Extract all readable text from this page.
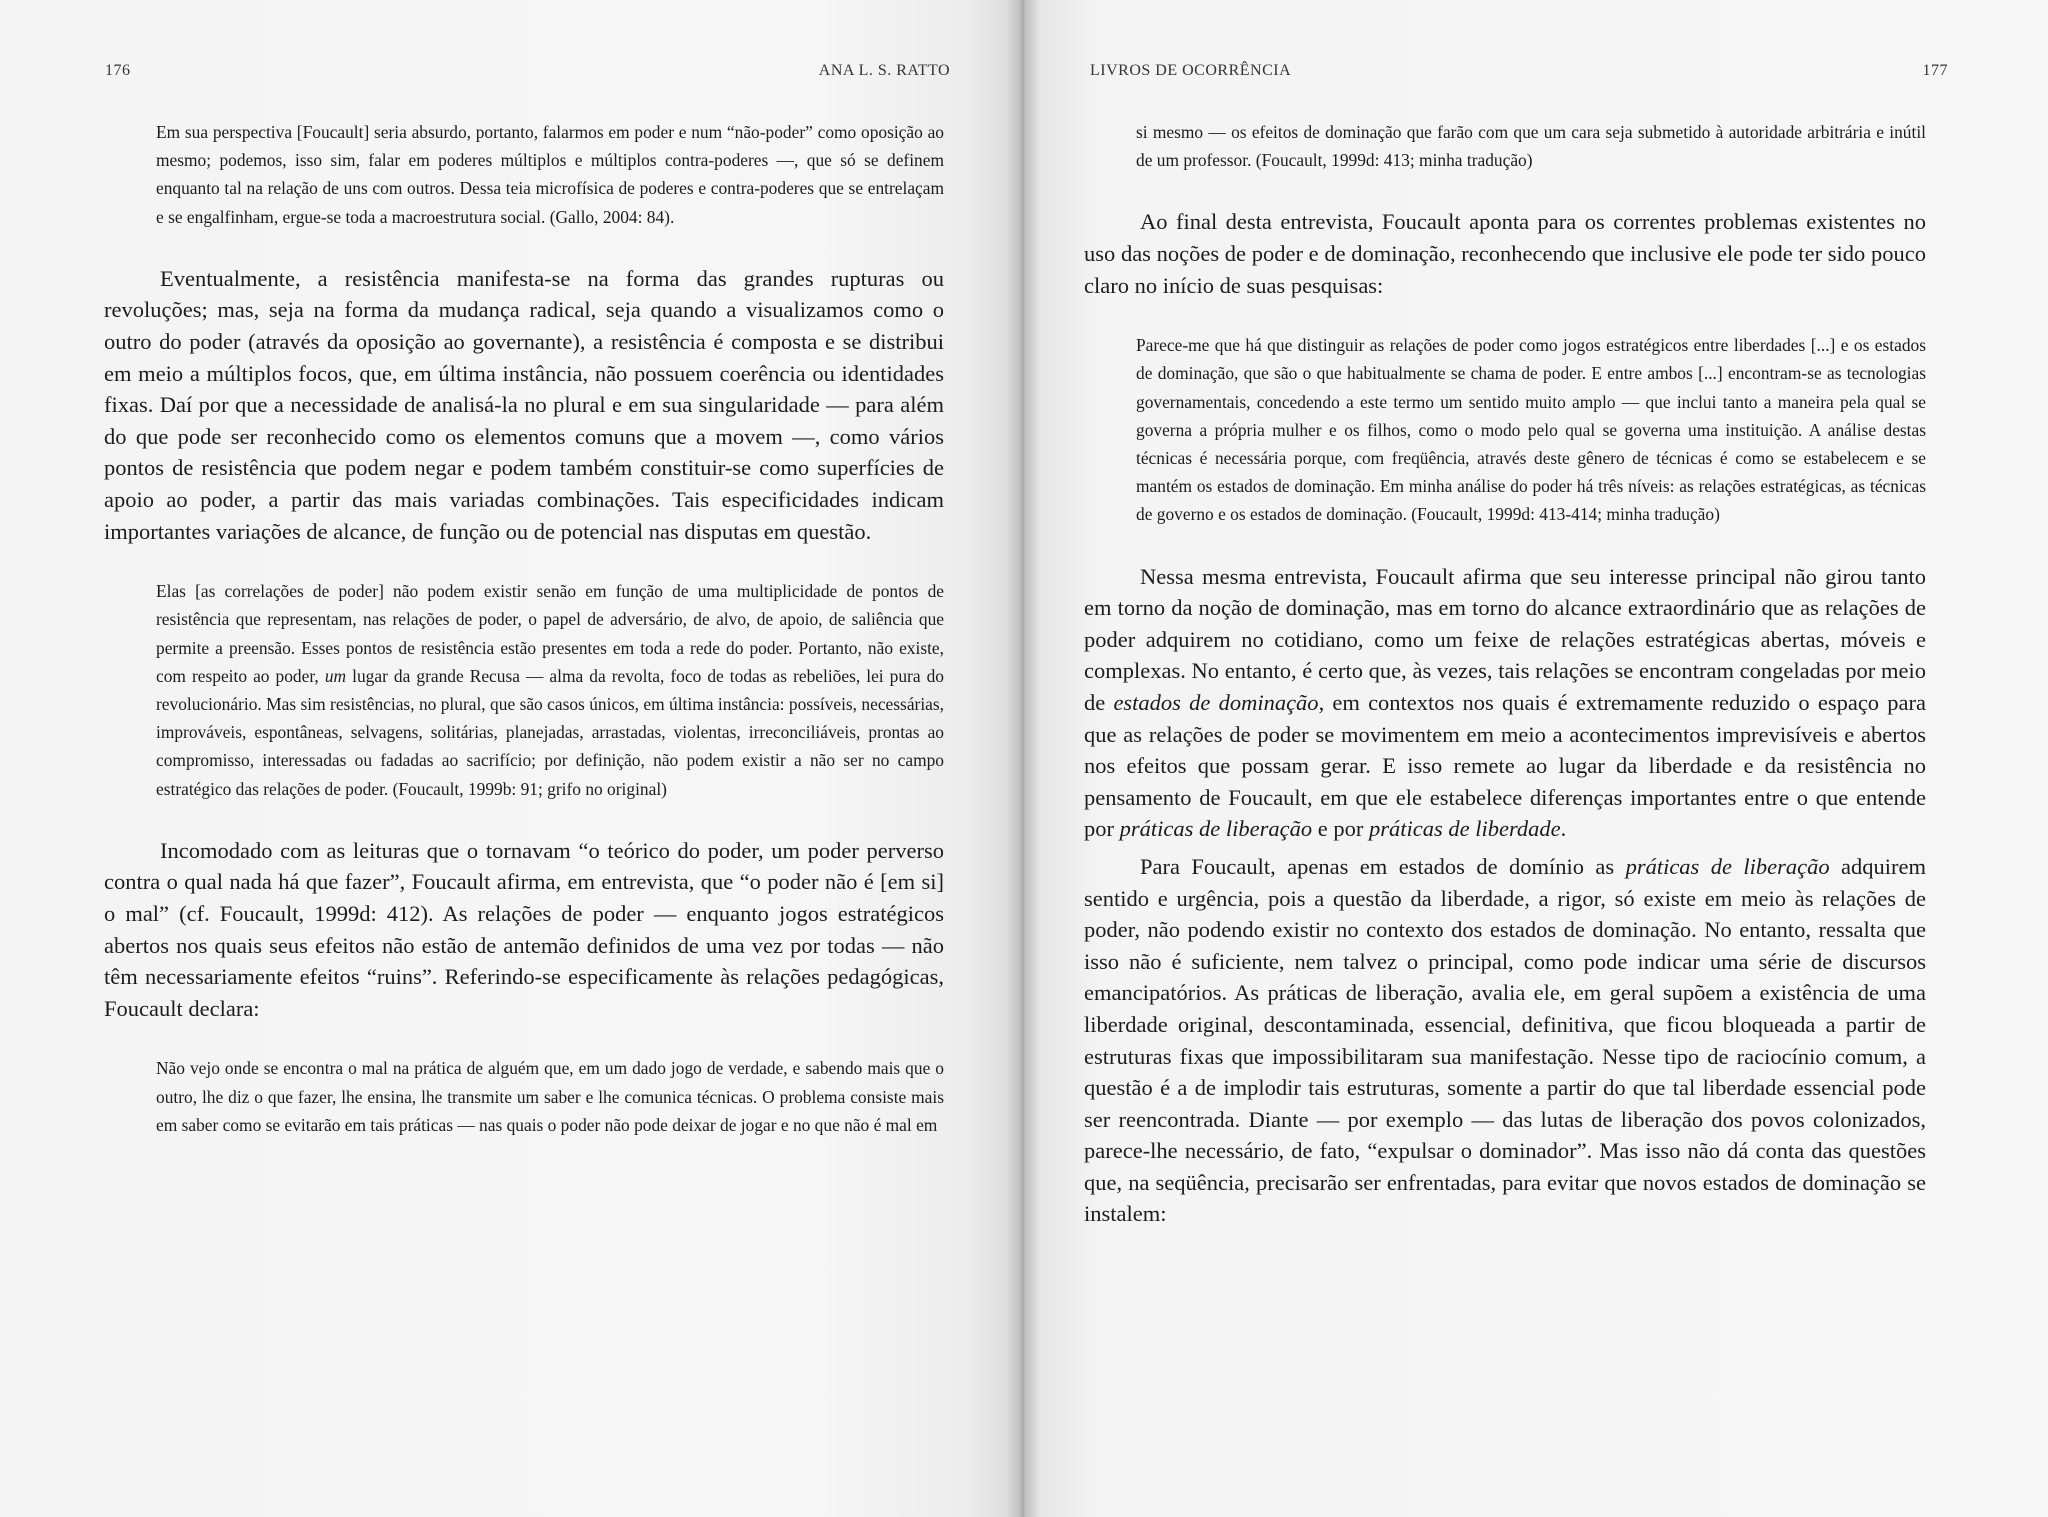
176	ANA L. S. RATTO

Em sua perspectiva [Foucault] seria absurdo, portanto, falarmos em poder e num “não-poder” como oposição ao mesmo; podemos, isso sim, falar em poderes múltiplos e múltiplos contra-poderes —, que só se definem enquanto tal na relação de uns com outros. Dessa teia microfísica de poderes e contra-poderes que se entrelaçam e se engalfinham, ergue-se toda a macroestrutura social. (Gallo, 2004: 84).

Eventualmente, a resistência manifesta-se na forma das grandes rupturas ou revoluções; mas, seja na forma da mudança radical, seja quando a visualizamos como o outro do poder (através da oposição ao governante), a resistência é composta e se distribui em meio a múltiplos focos, que, em última instância, não possuem coerência ou identidades fixas. Daí por que a necessidade de analisá-la no plural e em sua singularidade — para além do que pode ser reconhecido como os elementos comuns que a movem —, como vários pontos de resistência que podem negar e podem também constituir-se como superfícies de apoio ao poder, a partir das mais variadas combinações. Tais especificidades indicam importantes variações de alcance, de função ou de potencial nas disputas em questão.

Elas [as correlações de poder] não podem existir senão em função de uma multiplicidade de pontos de resistência que representam, nas relações de poder, o papel de adversário, de alvo, de apoio, de saliência que permite a preensão. Esses pontos de resistência estão presentes em toda a rede do poder. Portanto, não existe, com respeito ao poder, um lugar da grande Recusa — alma da revolta, foco de todas as rebeliões, lei pura do revolucionário. Mas sim resistências, no plural, que são casos únicos, em última instância: possíveis, necessárias, improváveis, espontâneas, selvagens, solitárias, planejadas, arrastadas, violentas, irreconciliáveis, prontas ao compromisso, interessadas ou fadadas ao sacrifício; por definição, não podem existir a não ser no campo estratégico das relações de poder. (Foucault, 1999b: 91; grifo no original)

Incomodado com as leituras que o tornavam “o teórico do poder, um poder perverso contra o qual nada há que fazer”, Foucault afirma, em entrevista, que “o poder não é [em si] o mal” (cf. Foucault, 1999d: 412). As relações de poder — enquanto jogos estratégicos abertos nos quais seus efeitos não estão de antemão definidos de uma vez por todas — não têm necessariamente efeitos “ruins”. Referindo-se especificamente às relações pedagógicas, Foucault declara:

Não vejo onde se encontra o mal na prática de alguém que, em um dado jogo de verdade, e sabendo mais que o outro, lhe diz o que fazer, lhe ensina, lhe transmite um saber e lhe comunica técnicas. O problema consiste mais em saber como se evitarão em tais práticas — nas quais o poder não pode deixar de jogar e no que não é mal em

LIVROS DE OCORRÊNCIA	177

si mesmo — os efeitos de dominação que farão com que um cara seja submetido à autoridade arbitrária e inútil de um professor. (Foucault, 1999d: 413; minha tradução)

Ao final desta entrevista, Foucault aponta para os correntes problemas existentes no uso das noções de poder e de dominação, reconhecendo que inclusive ele pode ter sido pouco claro no início de suas pesquisas:

Parece-me que há que distinguir as relações de poder como jogos estratégicos entre liberdades [...] e os estados de dominação, que são o que habitualmente se chama de poder. E entre ambos [...] encontram-se as tecnologias governamentais, concedendo a este termo um sentido muito amplo — que inclui tanto a maneira pela qual se governa a própria mulher e os filhos, como o modo pelo qual se governa uma instituição. A análise destas técnicas é necessária porque, com freqüência, através deste gênero de técnicas é como se estabelecem e se mantém os estados de dominação. Em minha análise do poder há três níveis: as relações estratégicas, as técnicas de governo e os estados de dominação. (Foucault, 1999d: 413-414; minha tradução)

Nessa mesma entrevista, Foucault afirma que seu interesse principal não girou tanto em torno da noção de dominação, mas em torno do alcance extraordinário que as relações de poder adquirem no cotidiano, como um feixe de relações estratégicas abertas, móveis e complexas. No entanto, é certo que, às vezes, tais relações se encontram congeladas por meio de estados de dominação, em contextos nos quais é extremamente reduzido o espaço para que as relações de poder se movimentem em meio a acontecimentos imprevisíveis e abertos nos efeitos que possam gerar. E isso remete ao lugar da liberdade e da resistência no pensamento de Foucault, em que ele estabelece diferenças importantes entre o que entende por práticas de liberação e por práticas de liberdade.

Para Foucault, apenas em estados de domínio as práticas de liberação adquirem sentido e urgência, pois a questão da liberdade, a rigor, só existe em meio às relações de poder, não podendo existir no contexto dos estados de dominação. No entanto, ressalta que isso não é suficiente, nem talvez o principal, como pode indicar uma série de discursos emancipatórios. As práticas de liberação, avalia ele, em geral supõem a existência de uma liberdade original, descontaminada, essencial, definitiva, que ficou bloqueada a partir de estruturas fixas que impossibilitaram sua manifestação. Nesse tipo de raciocínio comum, a questão é a de implodir tais estruturas, somente a partir do que tal liberdade essencial pode ser reencontrada. Diante — por exemplo — das lutas de liberação dos povos colonizados, parece-lhe necessário, de fato, “expulsar o dominador”. Mas isso não dá conta das questões que, na seqüência, precisarão ser enfrentadas, para evitar que novos estados de dominação se instalem:
